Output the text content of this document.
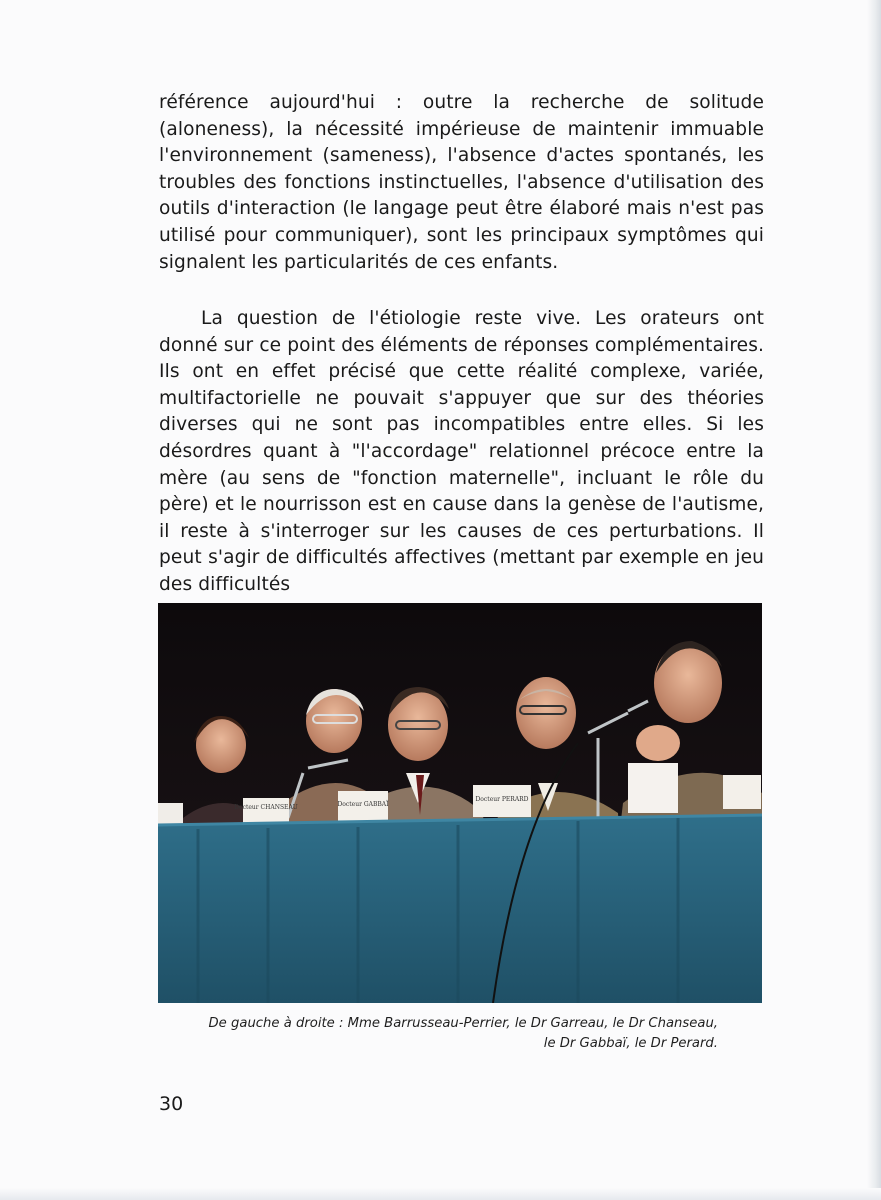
référence aujourd'hui : outre la recherche de solitude (aloneness), la nécessité impérieuse de maintenir immuable l'environnement (sameness), l'absence d'actes spontanés, les troubles des fonctions instinctuelles, l'absence d'utilisation des outils d'interaction (le langage peut être élaboré mais n'est pas utilisé pour communiquer), sont les principaux symptômes qui signalent les particularités de ces enfants.

La question de l'étiologie reste vive. Les orateurs ont donné sur ce point des éléments de réponses complémentaires. Ils ont en effet précisé que cette réalité complexe, variée, multifactorielle ne pouvait s'appuyer que sur des théories diverses qui ne sont pas incompatibles entre elles. Si les désordres quant à "l'accordage" relationnel précoce entre la mère (au sens de "fonction maternelle", incluant le rôle du père) et le nourrisson est en cause dans la genèse de l'autisme, il reste à s'interroger sur les causes de ces perturbations. Il peut s'agir de difficultés affectives (mettant par exemple en jeu des difficultés

Docteur CHANSEAU	Docteur GABBAÏ
Docteur PERARD

De gauche à droite : Mme Barrusseau-Perrier, le Dr Garreau, le Dr Chanseau,
le Dr Gabbaï, le Dr Perard.

30
